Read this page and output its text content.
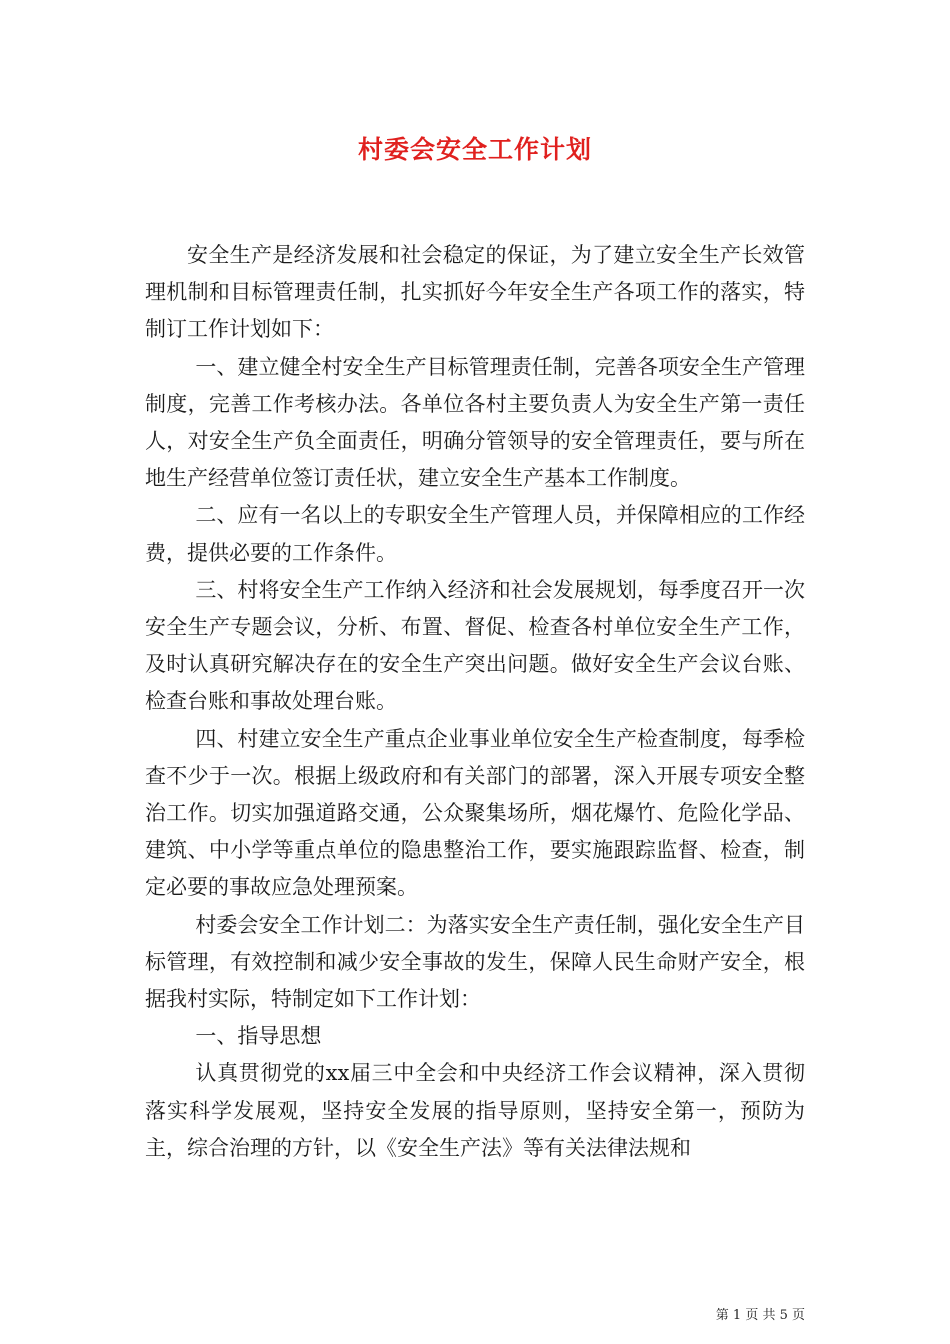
村委会安全工作计划

安全生产是经济发展和社会稳定的保证，为了建立安全生产长效管理机制和目标管理责任制，扎实抓好今年安全生产各项工作的落实，特制订工作计划如下：

一、建立健全村安全生产目标管理责任制，完善各项安全生产管理制度，完善工作考核办法。各单位各村主要负责人为安全生产第一责任人，对安全生产负全面责任，明确分管领导的安全管理责任，要与所在地生产经营单位签订责任状，建立安全生产基本工作制度。

二、应有一名以上的专职安全生产管理人员，并保障相应的工作经费，提供必要的工作条件。

三、村将安全生产工作纳入经济和社会发展规划，每季度召开一次安全生产专题会议，分析、布置、督促、检查各村单位安全生产工作，及时认真研究解决存在的安全生产突出问题。做好安全生产会议台账、检查台账和事故处理台账。

四、村建立安全生产重点企业事业单位安全生产检查制度，每季检查不少于一次。根据上级政府和有关部门的部署，深入开展专项安全整治工作。切实加强道路交通，公众聚集场所，烟花爆竹、危险化学品、建筑、中小学等重点单位的隐患整治工作，要实施跟踪监督、检查，制定必要的事故应急处理预案。

村委会安全工作计划二：为落实安全生产责任制，强化安全生产目标管理，有效控制和减少安全事故的发生，保障人民生命财产安全，根据我村实际，特制定如下工作计划：

一、指导思想

认真贯彻党的xx届三中全会和中央经济工作会议精神，深入贯彻落实科学发展观，坚持安全发展的指导原则，坚持安全第一，预防为主，综合治理的方针，以《安全生产法》等有关法律法规和

第 1 页 共 5 页
